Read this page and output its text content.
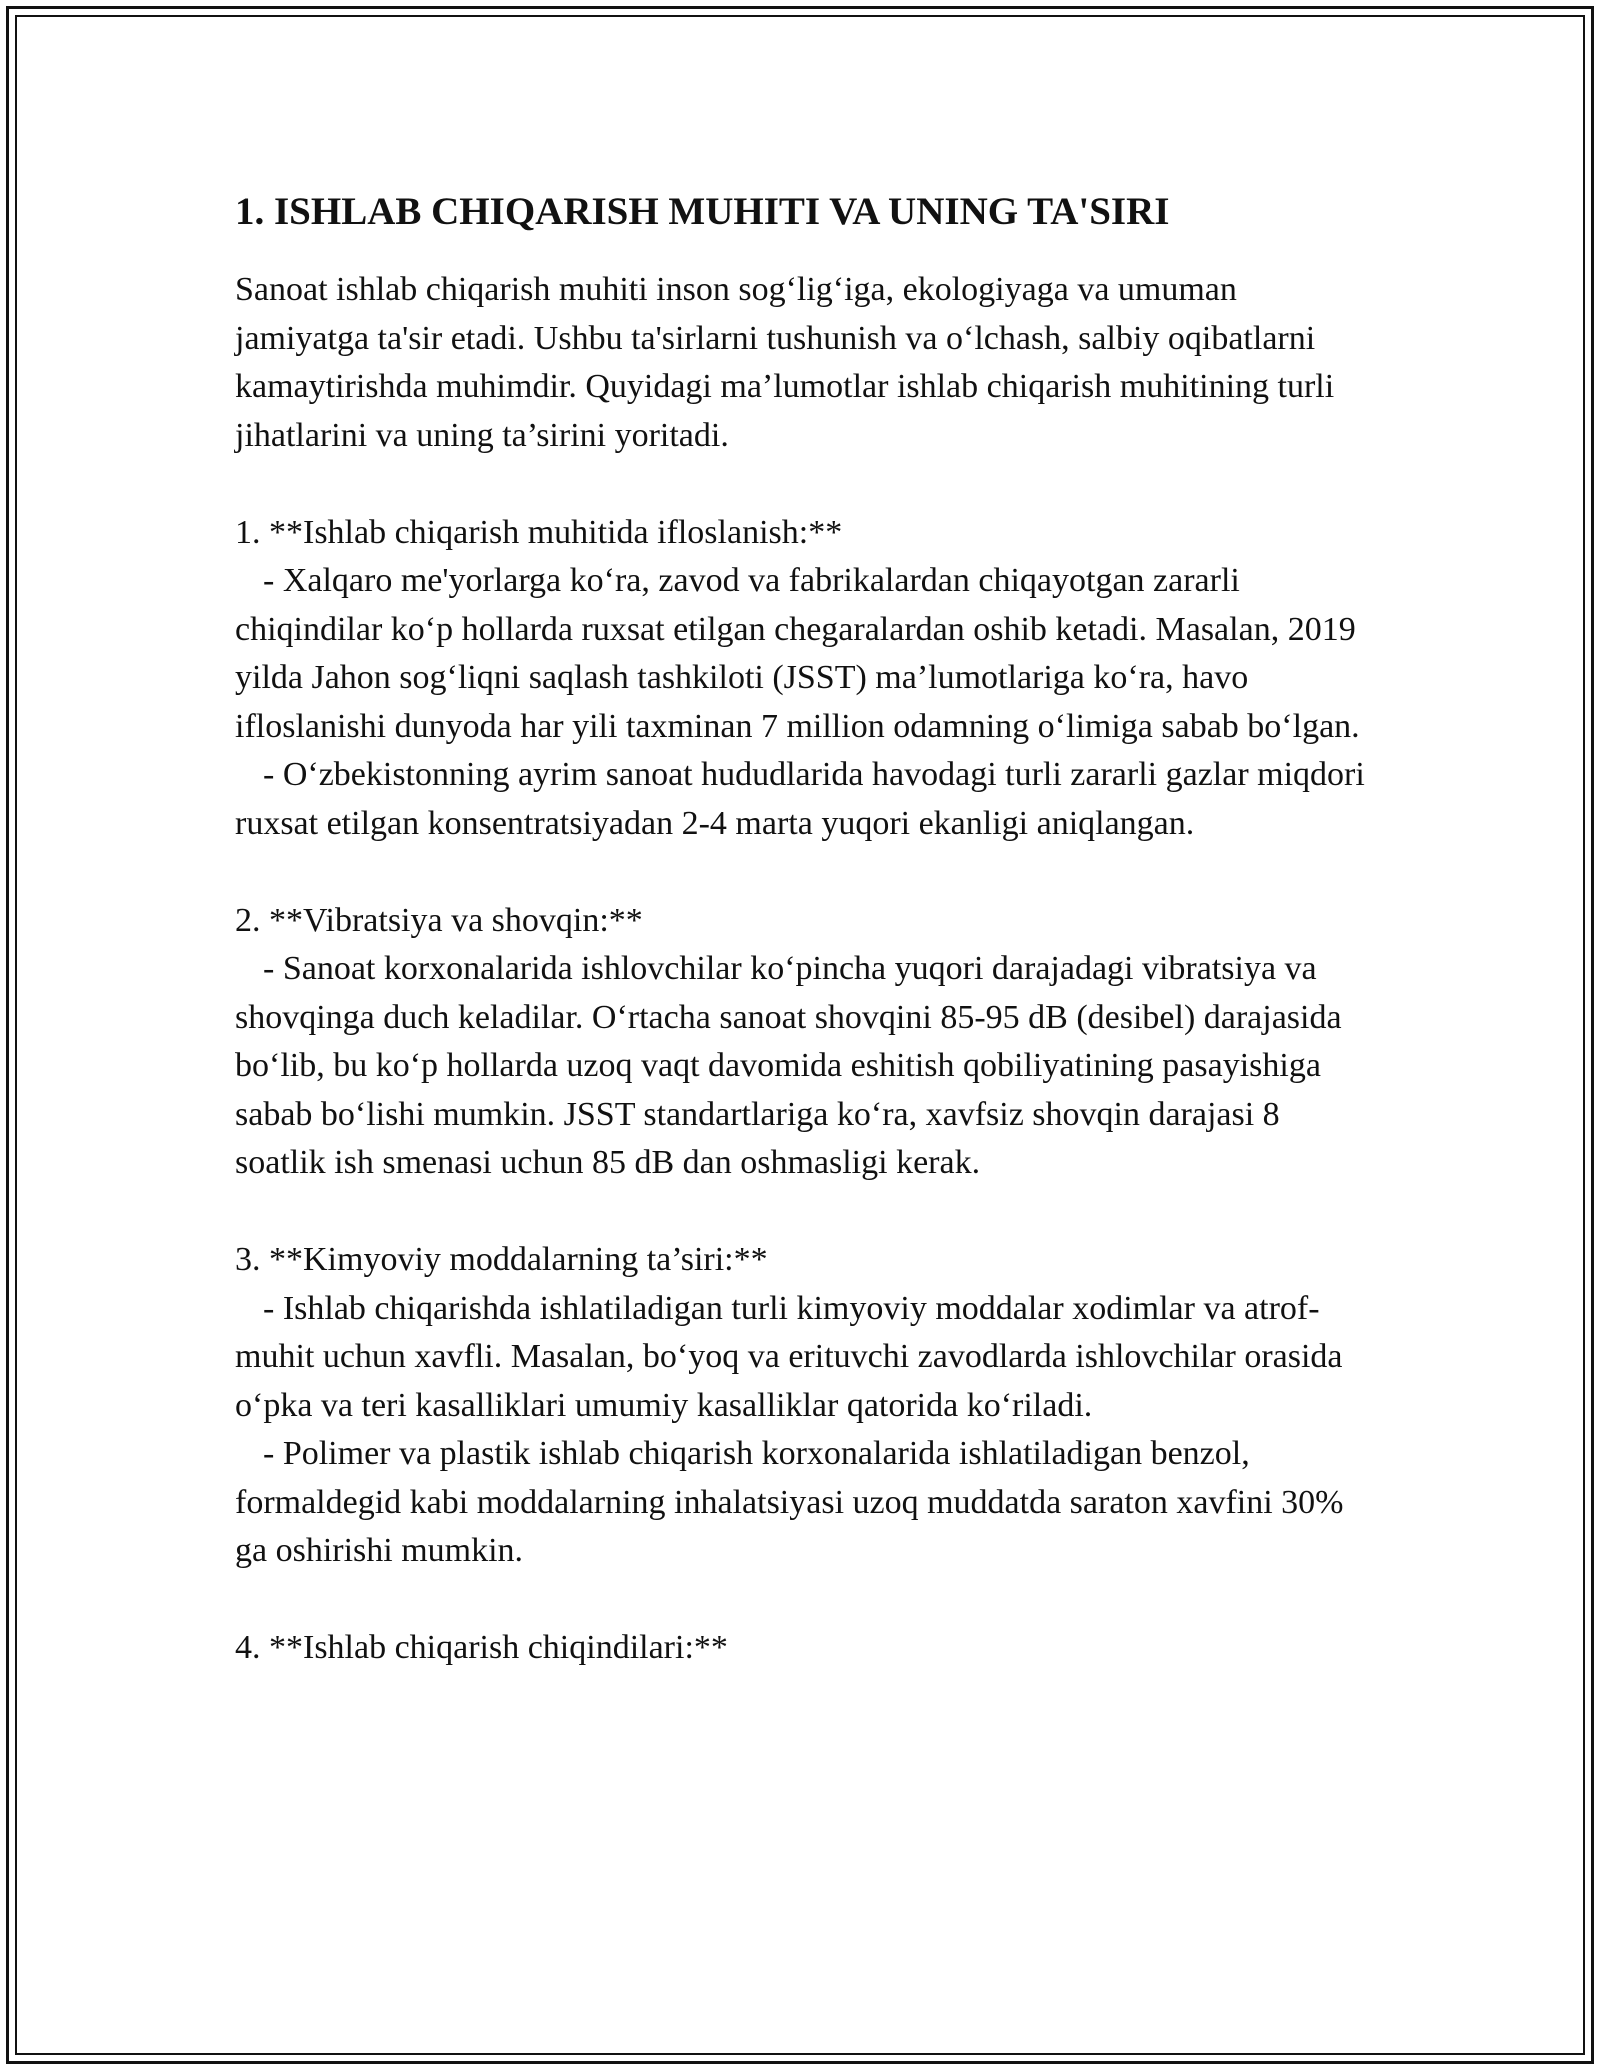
1. ISHLAB CHIQARISH MUHITI VA UNING TA'SIRI

Sanoat ishlab chiqarish muhiti inson sog‘lig‘iga, ekologiyaga va umuman jamiyatga ta'sir etadi. Ushbu ta'sirlarni tushunish va o‘lchash, salbiy oqibatlarni kamaytirishda muhimdir. Quyidagi ma’lumotlar ishlab chiqarish muhitining turli jihatlarini va uning ta’sirini yoritadi.

1. **Ishlab chiqarish muhitida ifloslanish:**

- Xalqaro me'yorlarga ko‘ra, zavod va fabrikalardan chiqayotgan zararli chiqindilar ko‘p hollarda ruxsat etilgan chegaralardan oshib ketadi. Masalan, 2019 yilda Jahon sog‘liqni saqlash tashkiloti (JSST) ma’lumotlariga ko‘ra, havo ifloslanishi dunyoda har yili taxminan 7 million odamning o‘limiga sabab bo‘lgan.

- O‘zbekistonning ayrim sanoat hududlarida havodagi turli zararli gazlar miqdori ruxsat etilgan konsentratsiyadan 2-4 marta yuqori ekanligi aniqlangan.

2. **Vibratsiya va shovqin:**

- Sanoat korxonalarida ishlovchilar ko‘pincha yuqori darajadagi vibratsiya va shovqinga duch keladilar. O‘rtacha sanoat shovqini 85-95 dB (desibel) darajasida bo‘lib, bu ko‘p hollarda uzoq vaqt davomida eshitish qobiliyatining pasayishiga sabab bo‘lishi mumkin. JSST standartlariga ko‘ra, xavfsiz shovqin darajasi 8 soatlik ish smenasi uchun 85 dB dan oshmasligi kerak.

3. **Kimyoviy moddalarning ta’siri:**

- Ishlab chiqarishda ishlatiladigan turli kimyoviy moddalar xodimlar va atrof-muhit uchun xavfli. Masalan, bo‘yoq va erituvchi zavodlarda ishlovchilar orasida o‘pka va teri kasalliklari umumiy kasalliklar qatorida ko‘riladi.

- Polimer va plastik ishlab chiqarish korxonalarida ishlatiladigan benzol, formaldegid kabi moddalarning inhalatsiyasi uzoq muddatda saraton xavfini 30% ga oshirishi mumkin.

4. **Ishlab chiqarish chiqindilari:**
